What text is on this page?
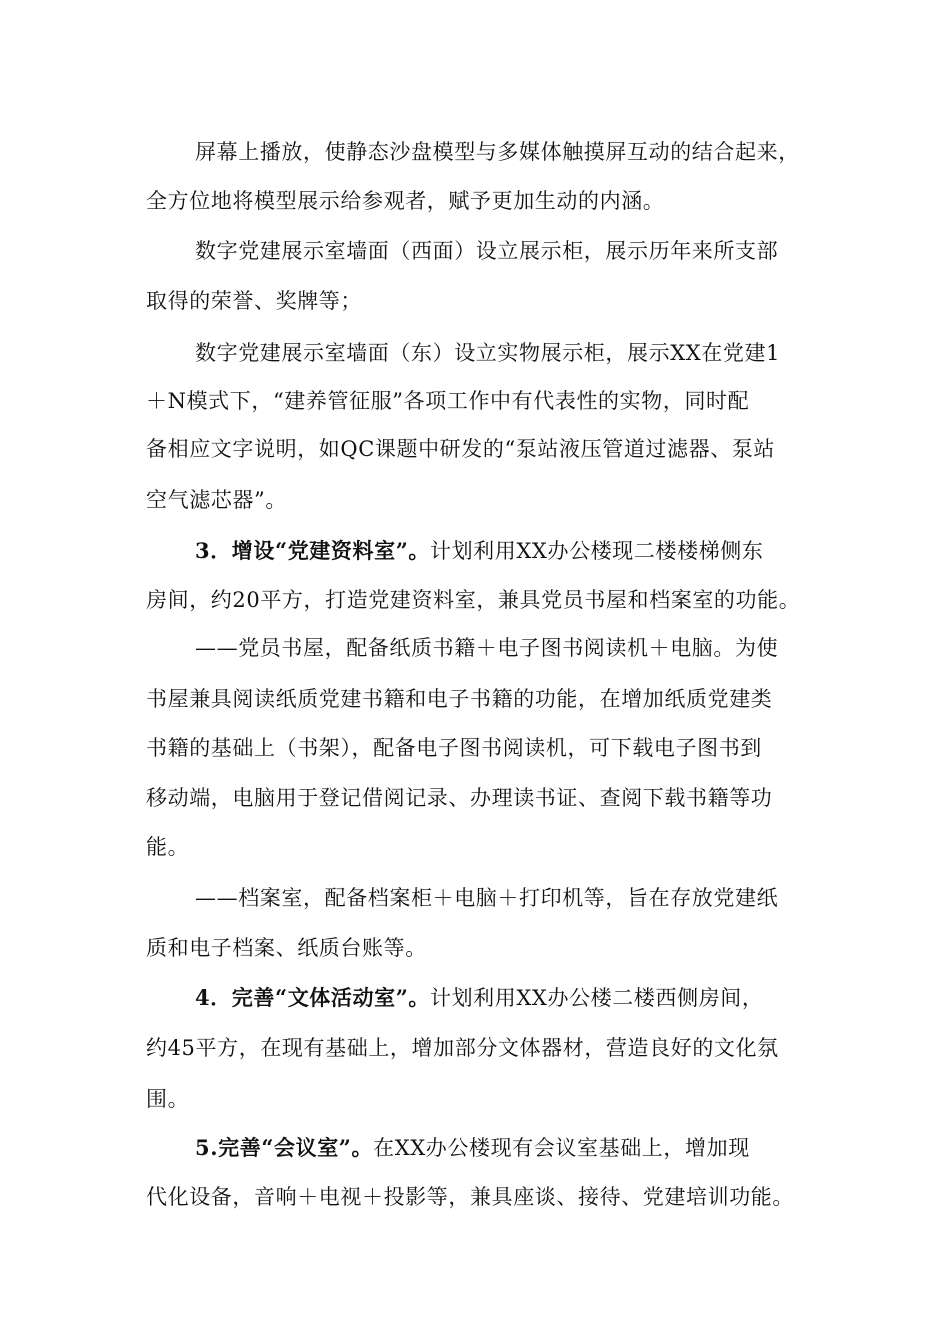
屏幕上播放，使静态沙盘模型与多媒体触摸屏互动的结合起来，
全方位地将模型展示给参观者，赋予更加生动的内涵。
数字党建展示室墙面（西面）设立展示柜，展示历年来所支部
取得的荣誉、奖牌等；
数字党建展示室墙面（东）设立实物展示柜，展示XX在党建1
＋N模式下，“建养管征服”各项工作中有代表性的实物，同时配
备相应文字说明，如QC课题中研发的“泵站液压管道过滤器、泵站
空气滤芯器”。
3．增设“党建资料室”。计划利用XX办公楼现二楼楼梯侧东
房间，约20平方，打造党建资料室，兼具党员书屋和档案室的功能。
——党员书屋，配备纸质书籍＋电子图书阅读机＋电脑。为使
书屋兼具阅读纸质党建书籍和电子书籍的功能，在增加纸质党建类
书籍的基础上（书架），配备电子图书阅读机，可下载电子图书到
移动端，电脑用于登记借阅记录、办理读书证、查阅下载书籍等功
能。
——档案室，配备档案柜＋电脑＋打印机等，旨在存放党建纸
质和电子档案、纸质台账等。
4．完善“文体活动室”。计划利用XX办公楼二楼西侧房间，
约45平方，在现有基础上，增加部分文体器材，营造良好的文化氛
围。
5.完善“会议室”。在XX办公楼现有会议室基础上，增加现
代化设备，音响＋电视＋投影等，兼具座谈、接待、党建培训功能。
